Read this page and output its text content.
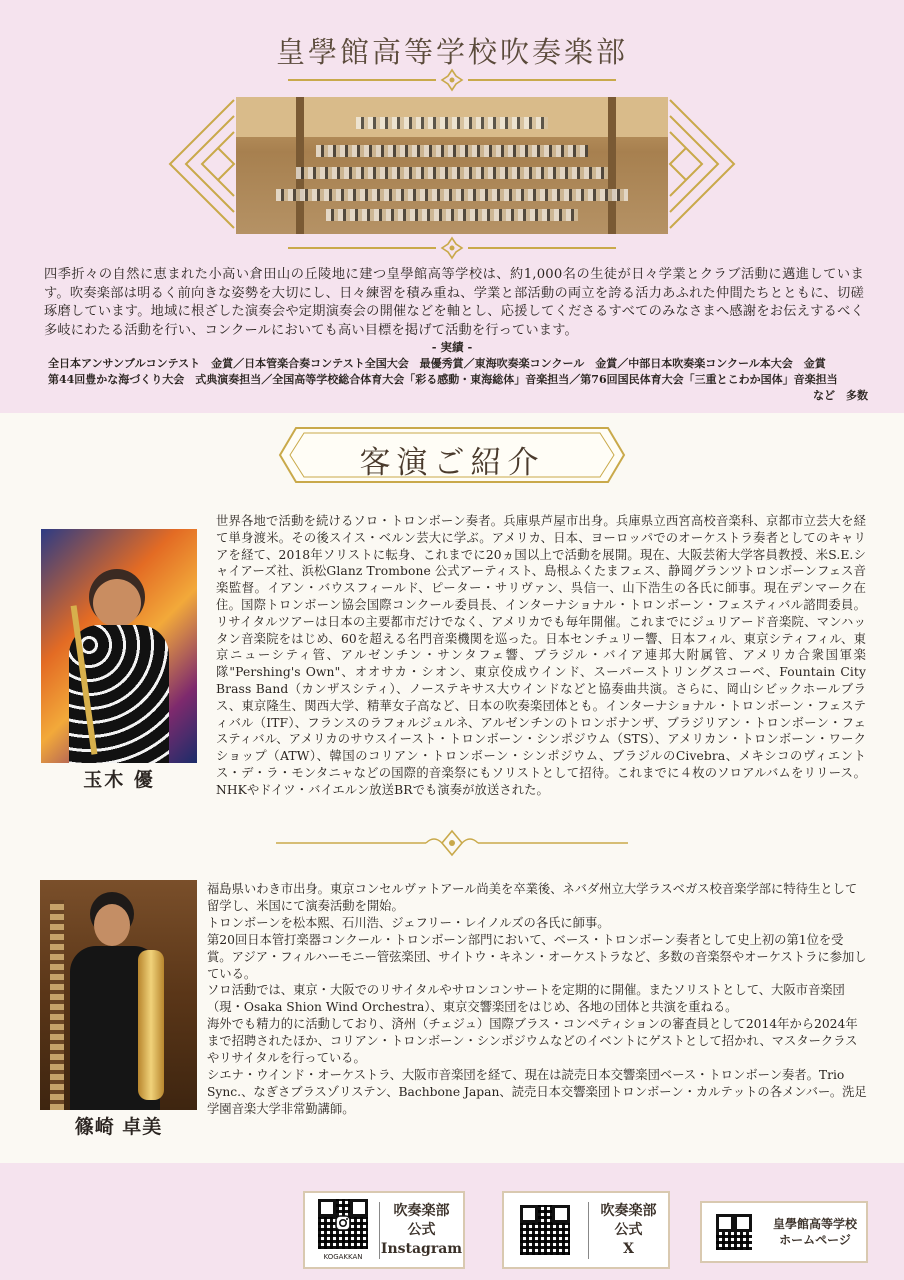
皇學館高等学校吹奏楽部
四季折々の自然に恵まれた小高い倉田山の丘陵地に建つ皇學館高等学校は、約1,000名の生徒が日々学業とクラブ活動に邁進しています。吹奏楽部は明るく前向きな姿勢を大切にし、日々練習を積み重ね、学業と部活動の両立を誇る活力あふれた仲間たちとともに、切磋琢磨しています。地域に根ざした演奏会や定期演奏会の開催などを軸とし、応援してくださるすべてのみなさまへ感謝をお伝えするべく多岐にわたる活動を行い、コンクールにおいても高い目標を掲げて活動を行っています。
- 実績 -
全日本アンサンブルコンテスト　金賞／日本管楽合奏コンテスト全国大会　最優秀賞／東海吹奏楽コンクール　金賞／中部日本吹奏楽コンクール本大会　金賞
第44回豊かな海づくり大会　式典演奏担当／全国高等学校総合体育大会「彩る感動・東海総体」音楽担当／第76回国民体育大会「三重とこわか国体」音楽担当
など　多数
客演ご紹介
玉木 優
世界各地で活動を続けるソロ・トロンボーン奏者。兵庫県芦屋市出身。兵庫県立西宮高校音楽科、京都市立芸大を経て単身渡米。その後スイス・ベルン芸大に学ぶ。アメリカ、日本、ヨーロッパでのオーケストラ奏者としてのキャリアを経て、2018年ソリストに転身、これまでに20ヵ国以上で活動を展開。現在、大阪芸術大学客員教授、米S.E.シャイアーズ社、浜松Glanz Trombone 公式アーティスト、島根ふくたまフェス、静岡グランツトロンボーンフェス音楽監督。イアン・バウスフィールド、ピーター・サリヴァン、呉信一、山下浩生の各氏に師事。現在デンマーク在住。国際トロンボーン協会国際コンクール委員長、インターナショナル・トロンボーン・フェスティバル諮問委員。リサイタルツアーは日本の主要都市だけでなく、アメリカでも毎年開催。これまでにジュリアード音楽院、マンハッタン音楽院をはじめ、60を超える名門音楽機関を巡った。日本センチュリー響、日本フィル、東京シティフィル、東京ニューシティ管、アルゼンチン・サンタフェ響、ブラジル・バイア連邦大附属管、アメリカ合衆国軍楽隊"Pershing's Own"、オオサカ・シオン、東京佼成ウインド、スーパーストリングスコーベ、Fountain City Brass Band（カンザスシティ）、ノーステキサス大ウインドなどと協奏曲共演。さらに、岡山シビックホールブラス、東京隆生、関西大学、精華女子高など、日本の吹奏楽団体とも。インターナショナル・トロンボーン・フェスティバル（ITF）、フランスのラフォルジュルネ、アルゼンチンのトロンボナンザ、ブラジリアン・トロンボーン・フェスティバル、アメリカのサウスイースト・トロンボーン・シンポジウム（STS）、アメリカン・トロンボーン・ワークショップ（ATW）、韓国のコリアン・トロンボーン・シンポジウム、ブラジルのCivebra、メキシコのヴィエントス・デ・ラ・モンタニャなどの国際的音楽祭にもソリストとして招待。これまでに４枚のソロアルバムをリリース。NHKやドイツ・バイエルン放送BRでも演奏が放送された。
篠崎 卓美
福島県いわき市出身。東京コンセルヴァトアール尚美を卒業後、ネバダ州立大学ラスベガス校音楽学部に特待生として留学し、米国にて演奏活動を開始。
トロンボーンを松本熙、石川浩、ジェフリー・レイノルズの各氏に師事。
第20回日本管打楽器コンクール・トロンボーン部門において、ベース・トロンボーン奏者として史上初の第1位を受賞。アジア・フィルハーモニー管弦楽団、サイトウ・キネン・オーケストラなど、多数の音楽祭やオーケストラに参加している。
ソロ活動では、東京・大阪でのリサイタルやサロンコンサートを定期的に開催。またソリストとして、大阪市音楽団（現・Osaka Shion Wind Orchestra）、東京交響楽団をはじめ、各地の団体と共演を重ねる。
海外でも精力的に活動しており、済州（チェジュ）国際ブラス・コンペティションの審査員として2014年から2024年まで招聘されたほか、コリアン・トロンボーン・シンポジウムなどのイベントにゲストとして招かれ、マスタークラスやリサイタルを行っている。
シエナ・ウインド・オーケストラ、大阪市音楽団を経て、現在は読売日本交響楽団ベース・トロンボーン奏者。Trio Sync.、なぎさブラスゾリステン、Bachbone Japan、読売日本交響楽団トロンボーン・カルテットの各メンバー。洗足学園音楽大学非常勤講師。
KOGAKKAN
吹奏楽部
公式
Instagram
吹奏楽部
公式
X
皇學館高等学校
ホームページ
